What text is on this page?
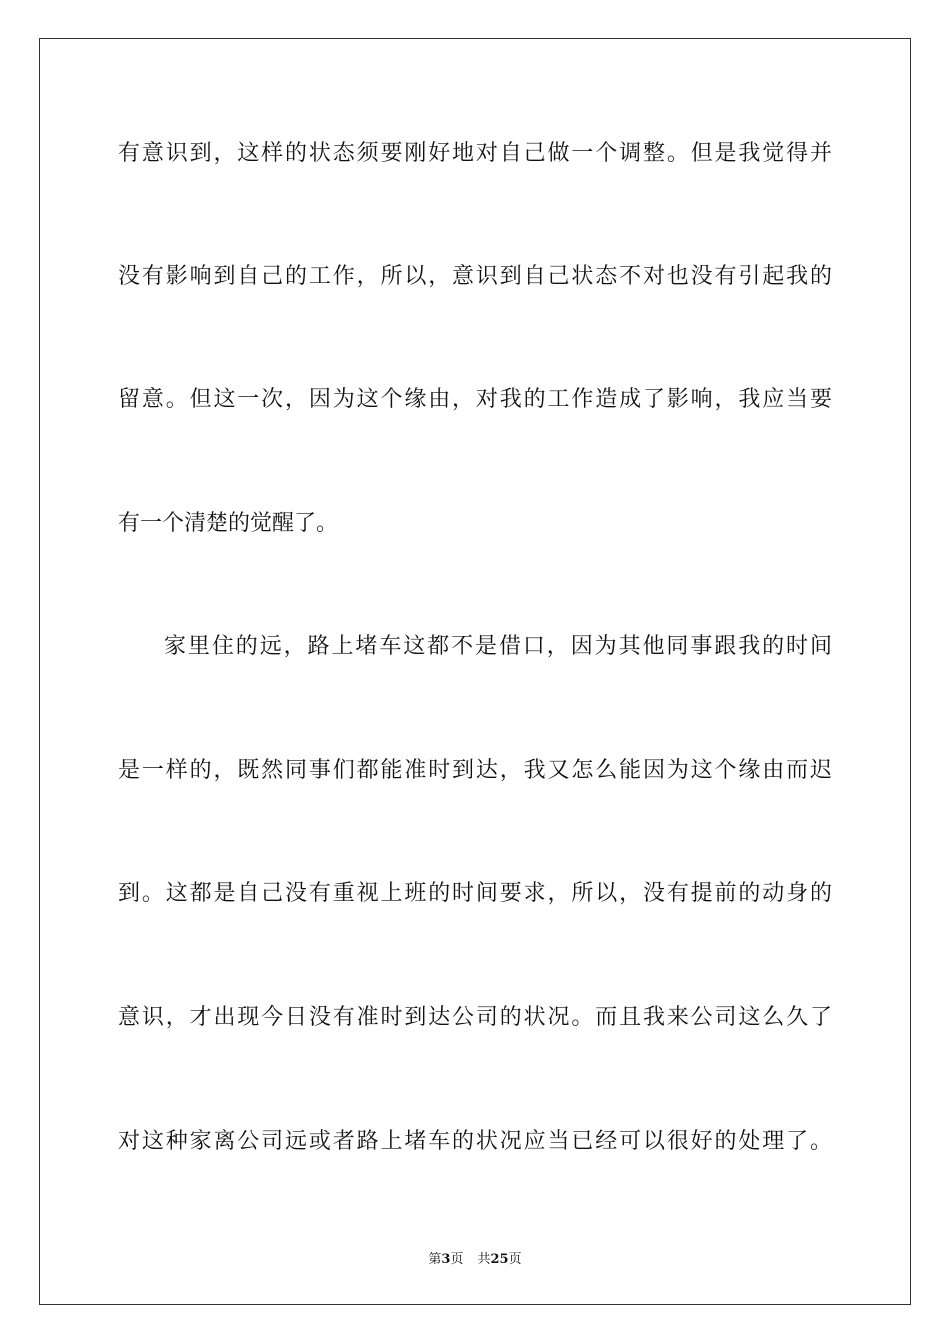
有意识到，这样的状态须要刚好地对自己做一个调整。但是我觉得并
没有影响到自己的工作，所以，意识到自己状态不对也没有引起我的
留意。但这一次，因为这个缘由，对我的工作造成了影响，我应当要
有一个清楚的觉醒了。
家里住的远，路上堵车这都不是借口，因为其他同事跟我的时间
是一样的，既然同事们都能准时到达，我又怎么能因为这个缘由而迟
到。这都是自己没有重视上班的时间要求，所以，没有提前的动身的
意识，才出现今日没有准时到达公司的状况。而且我来公司这么久了
对这种家离公司远或者路上堵车的状况应当已经可以很好的处理了。
第3页 共25页
